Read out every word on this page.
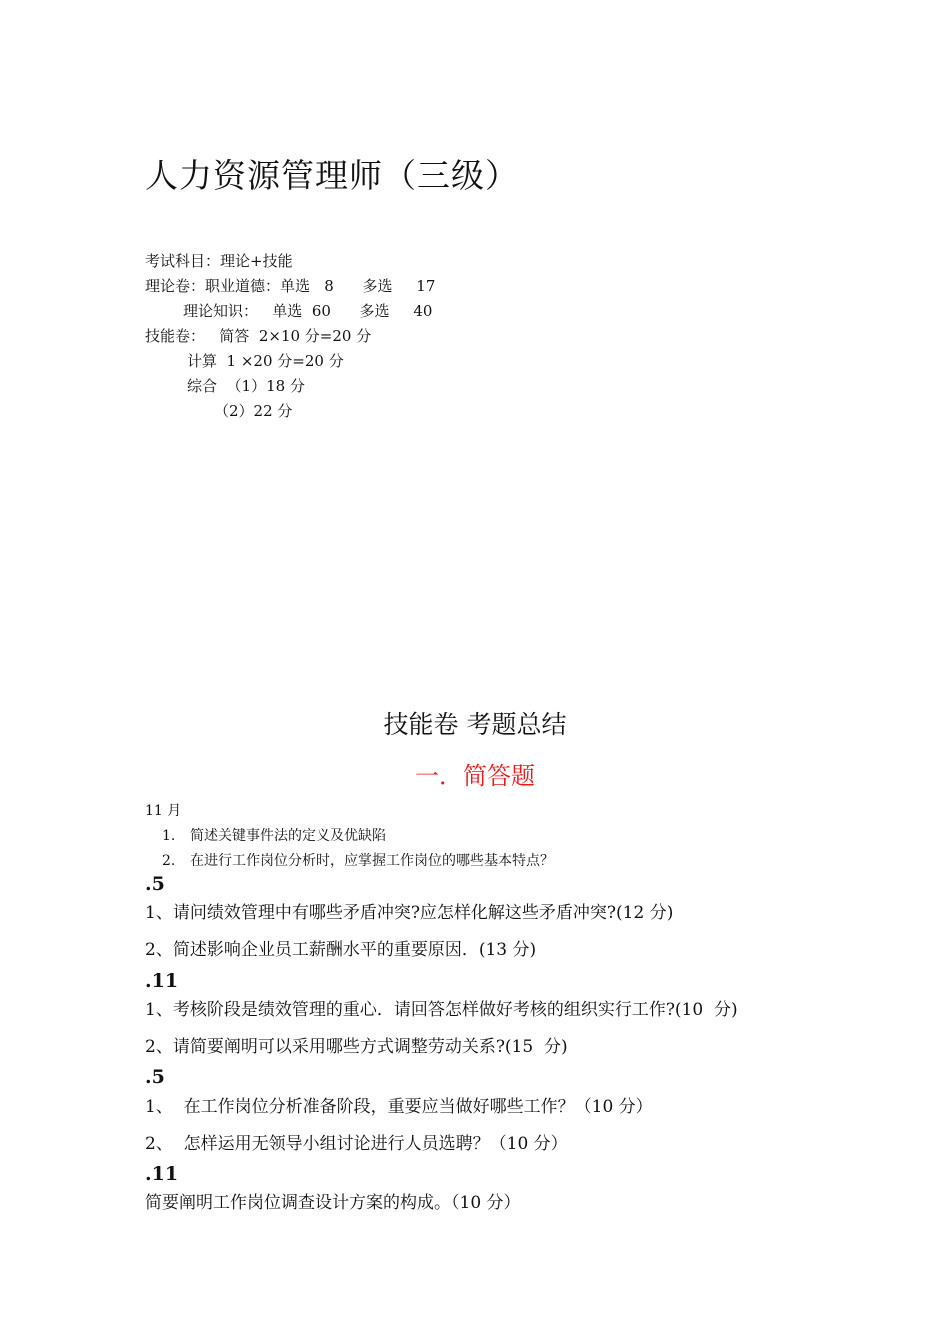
人力资源管理师（三级）
考试科目：理论+技能
理论卷：职业道德：单选   8      多选     17
理论知识：   单选  60      多选     40
技能卷：   简答  2×10 分=20 分
计算  1 ×20 分=20 分
综合  （1）18 分
（2）22 分
技能卷 考题总结
一．简答题
11 月
1. 简述关键事件法的定义及优缺陷
2. 在进行工作岗位分析时，应掌握工作岗位的哪些基本特点？
.5
1、请问绩效管理中有哪些矛盾冲突?应怎样化解这些矛盾冲突?(12 分)
2、简述影响企业员工薪酬水平的重要原因．(13 分)
.11
1、考核阶段是绩效管理的重心．请回答怎样做好考核的组织实行工作?(10  分)
2、请简要阐明可以采用哪些方式调整劳动关系?(15  分)
.5
1、  在工作岗位分析准备阶段，重要应当做好哪些工作？（10 分）
2、  怎样运用无领导小组讨论进行人员选聘？（10 分）
.11
简要阐明工作岗位调查设计方案的构成。（10 分）
